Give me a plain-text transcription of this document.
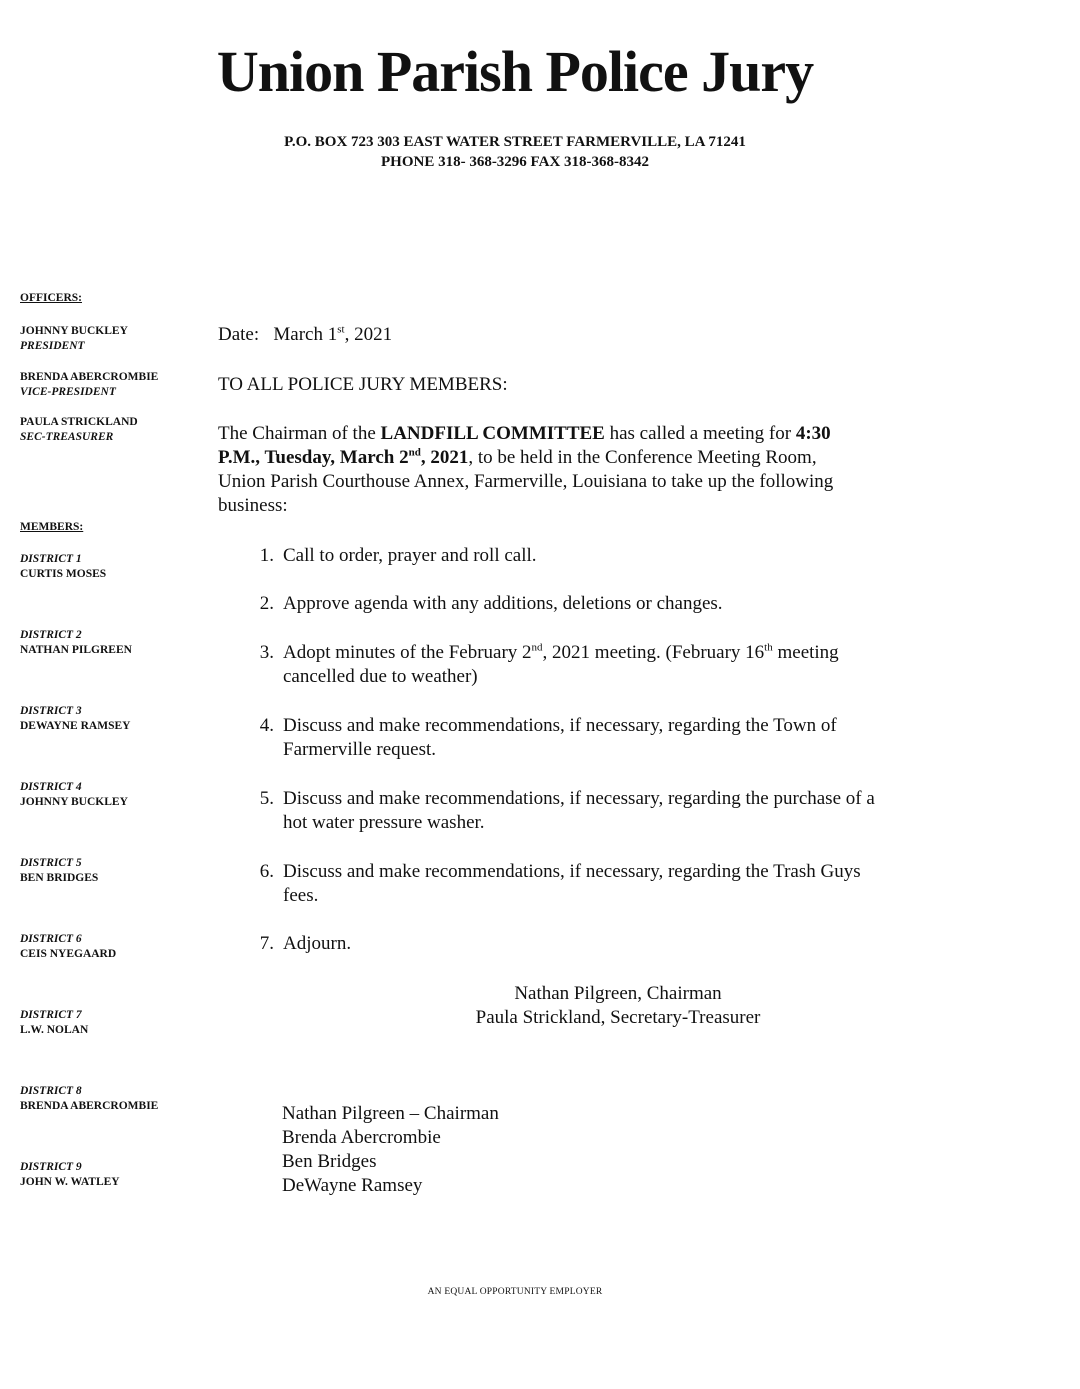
Union Parish Police Jury
P.O. BOX 723 303 EAST WATER STREET FARMERVILLE, LA 71241
PHONE 318- 368-3296 FAX 318-368-8342
OFFICERS:
JOHNNY BUCKLEY
PRESIDENT
BRENDA ABERCROMBIE
VICE-PRESIDENT
PAULA STRICKLAND
SEC-TREASURER
MEMBERS:
DISTRICT 1
CURTIS MOSES
DISTRICT 2
NATHAN PILGREEN
DISTRICT 3
DEWAYNE RAMSEY
DISTRICT 4
JOHNNY BUCKLEY
DISTRICT 5
BEN BRIDGES
DISTRICT 6
CEIS NYEGAARD
DISTRICT 7
L.W. NOLAN
DISTRICT 8
BRENDA ABERCROMBIE
DISTRICT 9
JOHN W. WATLEY
Date: March 1st, 2021
TO ALL POLICE JURY MEMBERS:
The Chairman of the LANDFILL COMMITTEE has called a meeting for 4:30
P.M., Tuesday, March 2nd, 2021, to be held in the Conference Meeting Room,
Union Parish Courthouse Annex, Farmerville, Louisiana to take up the following
business:
1. Call to order, prayer and roll call.
2. Approve agenda with any additions, deletions or changes.
3. Adopt minutes of the February 2nd, 2021 meeting. (February 16th meeting
cancelled due to weather)
4. Discuss and make recommendations, if necessary, regarding the Town of
Farmerville request.
5. Discuss and make recommendations, if necessary, regarding the purchase of a
hot water pressure washer.
6. Discuss and make recommendations, if necessary, regarding the Trash Guys
fees.
7. Adjourn.
Nathan Pilgreen, Chairman
Paula Strickland, Secretary-Treasurer
Nathan Pilgreen – Chairman
Brenda Abercrombie
Ben Bridges
DeWayne Ramsey
AN EQUAL OPPORTUNITY EMPLOYER
